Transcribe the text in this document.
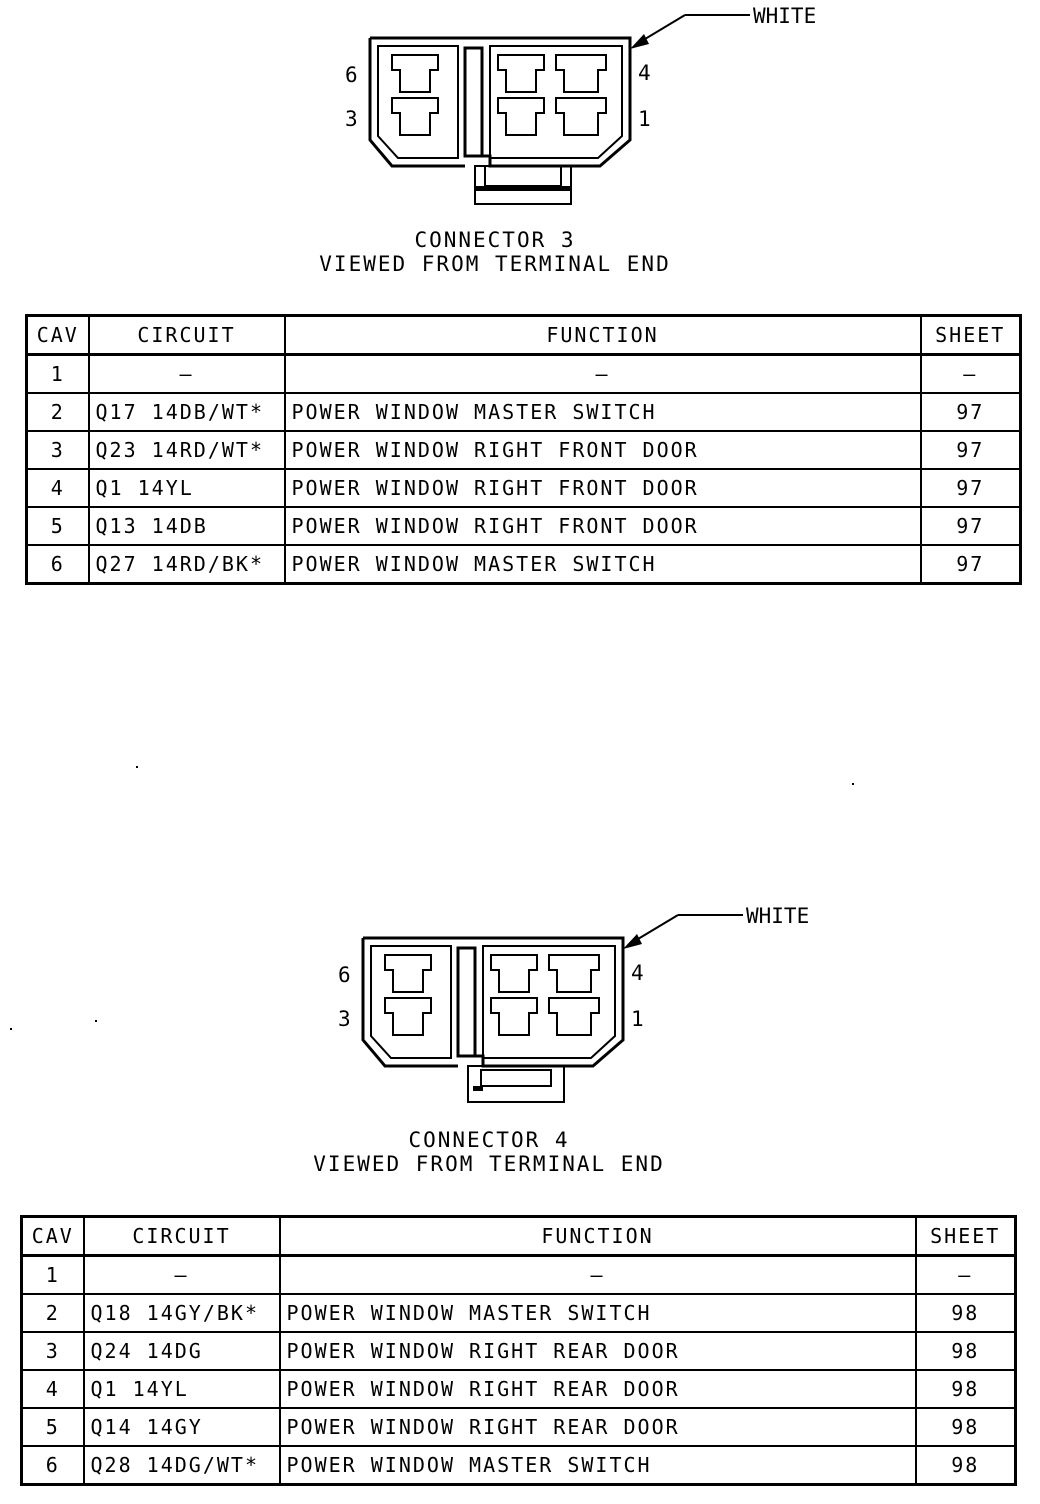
WHITE
6
3
4
1
CONNECTOR 3
VIEWED FROM TERMINAL END
CAV	CIRCUIT	FUNCTION	SHEET
1	—	—	—
2	Q17 14DB/WT*	POWER WINDOW MASTER SWITCH	97
3	Q23 14RD/WT*	POWER WINDOW RIGHT FRONT DOOR	97
4	Q1 14YL	POWER WINDOW RIGHT FRONT DOOR	97
5	Q13 14DB	POWER WINDOW RIGHT FRONT DOOR	97
6	Q27 14RD/BK*	POWER WINDOW MASTER SWITCH	97
WHITE
6
3
4
1
CONNECTOR 4
VIEWED FROM TERMINAL END
CAV	CIRCUIT	FUNCTION	SHEET
1	—	—	—
2	Q18 14GY/BK*	POWER WINDOW MASTER SWITCH	98
3	Q24 14DG	POWER WINDOW RIGHT REAR DOOR	98
4	Q1 14YL	POWER WINDOW RIGHT REAR DOOR	98
5	Q14 14GY	POWER WINDOW RIGHT REAR DOOR	98
6	Q28 14DG/WT*	POWER WINDOW MASTER SWITCH	98
